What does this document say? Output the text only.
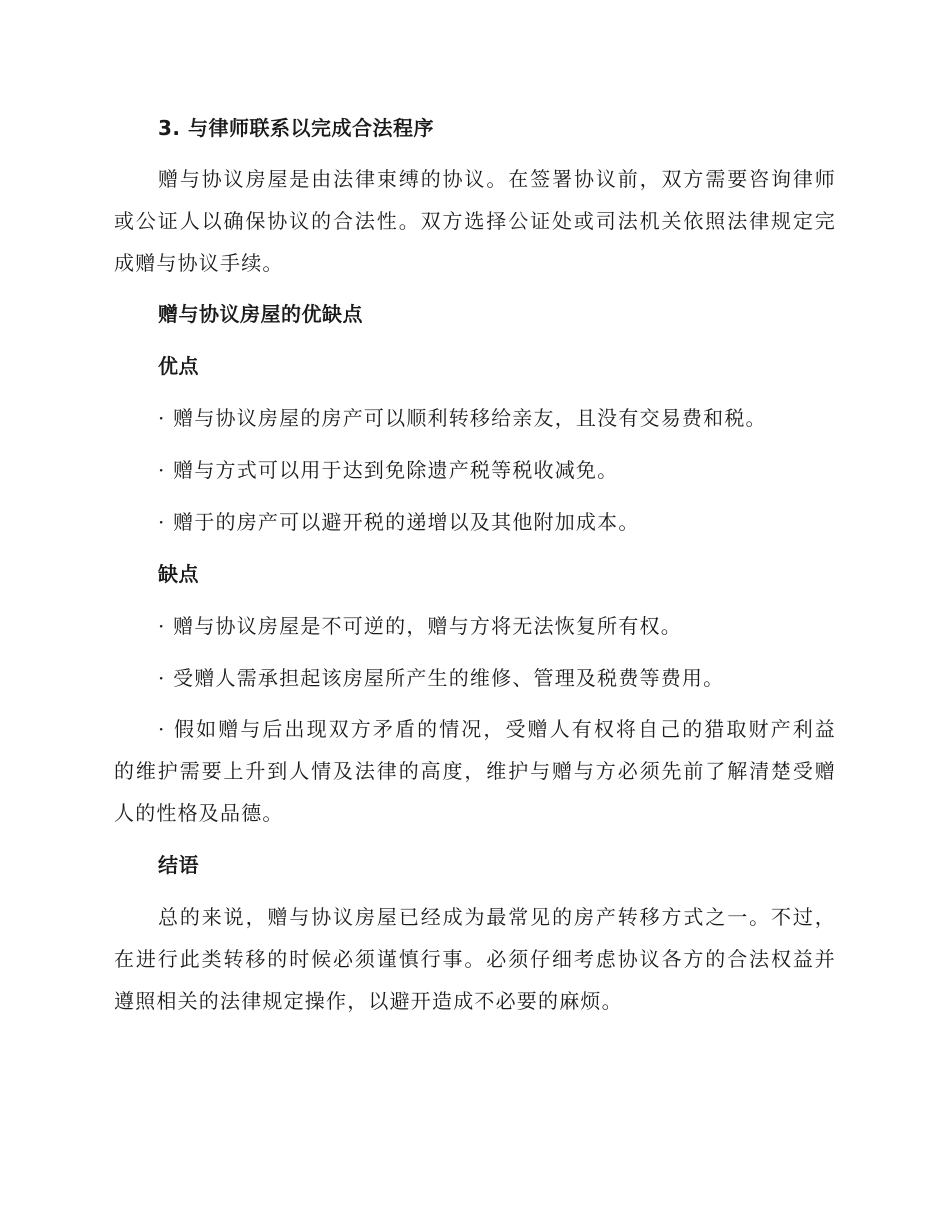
3. 与律师联系以完成合法程序
赠与协议房屋是由法律束缚的协议。在签署协议前，双方需要咨询律师
或公证人以确保协议的合法性。双方选择公证处或司法机关依照法律规定完
成赠与协议手续。
赠与协议房屋的优缺点
优点
· 赠与协议房屋的房产可以顺利转移给亲友，且没有交易费和税。
· 赠与方式可以用于达到免除遗产税等税收减免。
· 赠于的房产可以避开税的递增以及其他附加成本。
缺点
· 赠与协议房屋是不可逆的，赠与方将无法恢复所有权。
· 受赠人需承担起该房屋所产生的维修、管理及税费等费用。
· 假如赠与后出现双方矛盾的情况，受赠人有权将自己的猎取财产利益
的维护需要上升到人情及法律的高度，维护与赠与方必须先前了解清楚受赠
人的性格及品德。
结语
总的来说，赠与协议房屋已经成为最常见的房产转移方式之一。不过，
在进行此类转移的时候必须谨慎行事。必须仔细考虑协议各方的合法权益并
遵照相关的法律规定操作，以避开造成不必要的麻烦。
